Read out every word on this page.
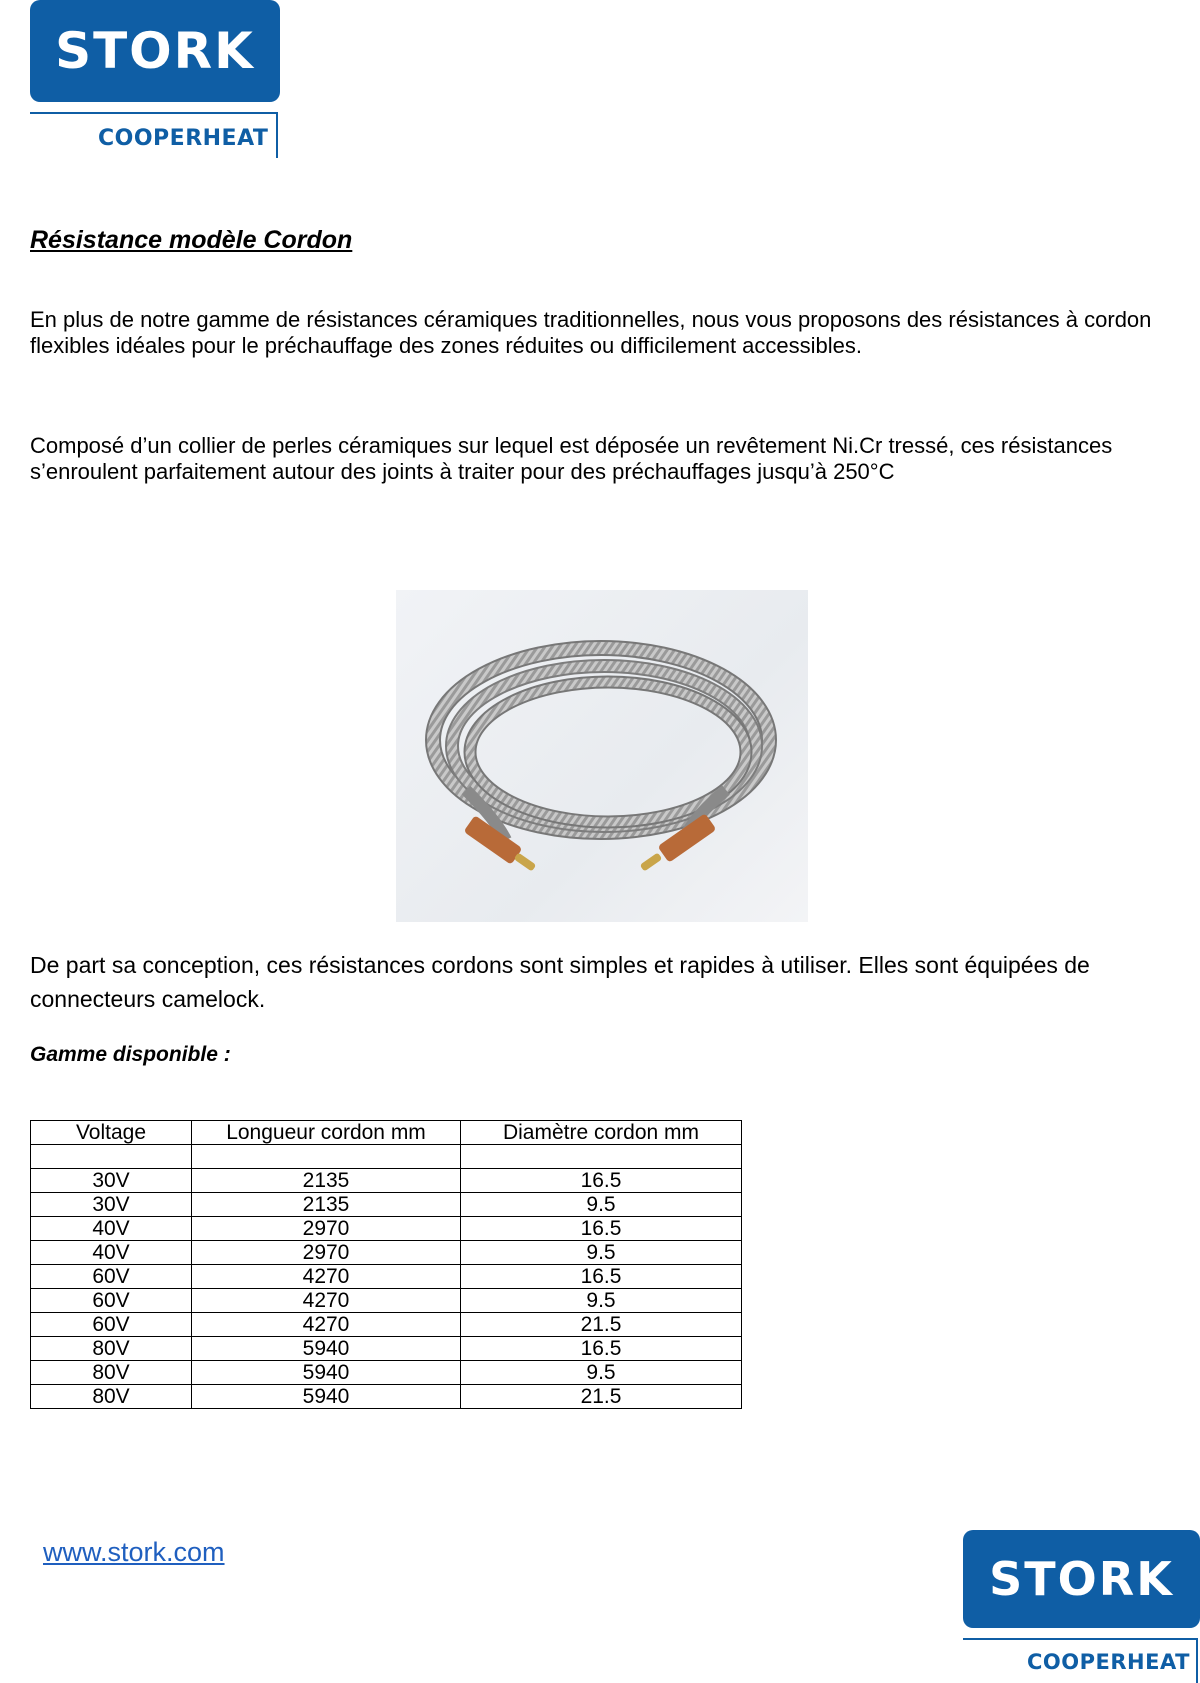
STORK
COOPERHEAT
Résistance modèle Cordon
En plus de notre gamme de résistances céramiques traditionnelles, nous vous proposons des résistances à cordon flexibles idéales pour le préchauffage des zones réduites ou difficilement accessibles.
Composé d’un collier de perles céramiques sur lequel est déposée un revêtement Ni.Cr tressé, ces résistances s’enroulent parfaitement autour des joints à traiter pour des préchauffages jusqu’à 250°C
De part sa conception, ces résistances cordons sont simples et rapides à utiliser. Elles sont équipées de connecteurs camelock.
Gamme disponible :
Voltage	Longueur cordon mm	Diamètre cordon mm

30V	2135	16.5
30V	2135	9.5
40V	2970	16.5
40V	2970	9.5
60V	4270	16.5
60V	4270	9.5
60V	4270	21.5
80V	5940	16.5
80V	5940	9.5
80V	5940	21.5
www.stork.com	STORK
COOPERHEAT
